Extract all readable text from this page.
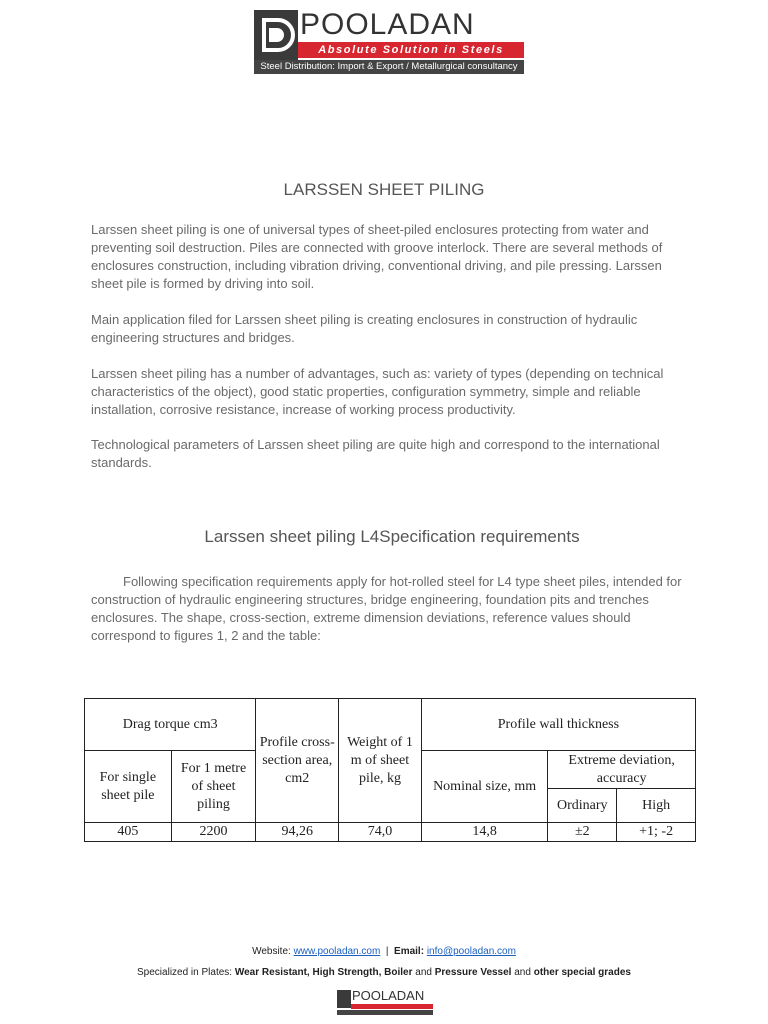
POOLADAN
Absolute Solution in Steels
Steel Distribution: Import & Export / Metallurgical consultancy
LARSSEN SHEET PILING

Larssen sheet piling is one of universal types of sheet-piled enclosures protecting from water and preventing soil destruction. Piles are connected with groove interlock. There are several methods of enclosures construction, including vibration driving, conventional driving, and pile pressing. Larssen sheet pile is formed by driving into soil.

Main application filed for Larssen sheet piling is creating enclosures in construction of hydraulic engineering structures and bridges.

Larssen sheet piling has a number of advantages, such as: variety of types (depending on technical characteristics of the object), good static properties, configuration symmetry, simple and reliable installation, corrosive resistance, increase of working process productivity.

Technological parameters of Larssen sheet piling are quite high and correspond to the international standards.

Larssen sheet piling L4Specification requirements

Following specification requirements apply for hot-rolled steel for L4 type sheet piles, intended for construction of hydraulic engineering structures, bridge engineering, foundation pits and trenches enclosures. The shape, cross-section, extreme dimension deviations, reference values should correspond to figures 1, 2 and the table:

Drag torque cm3		Profile cross-section area, cm2	Weight of 1 m of sheet pile, kg	Profile wall thickness		
For single sheet pile	For 1 metre of sheet piling			Nominal size, mm	Extreme deviation, accuracy	
					Ordinary	High
405	2200	94,26	74,0	14,8	±2	+1; -2
Website: www.pooladan.com | Email: info@pooladan.com
Specialized in Plates: Wear Resistant, High Strength, Boiler and Pressure Vessel and other special grades
POOLADAN
